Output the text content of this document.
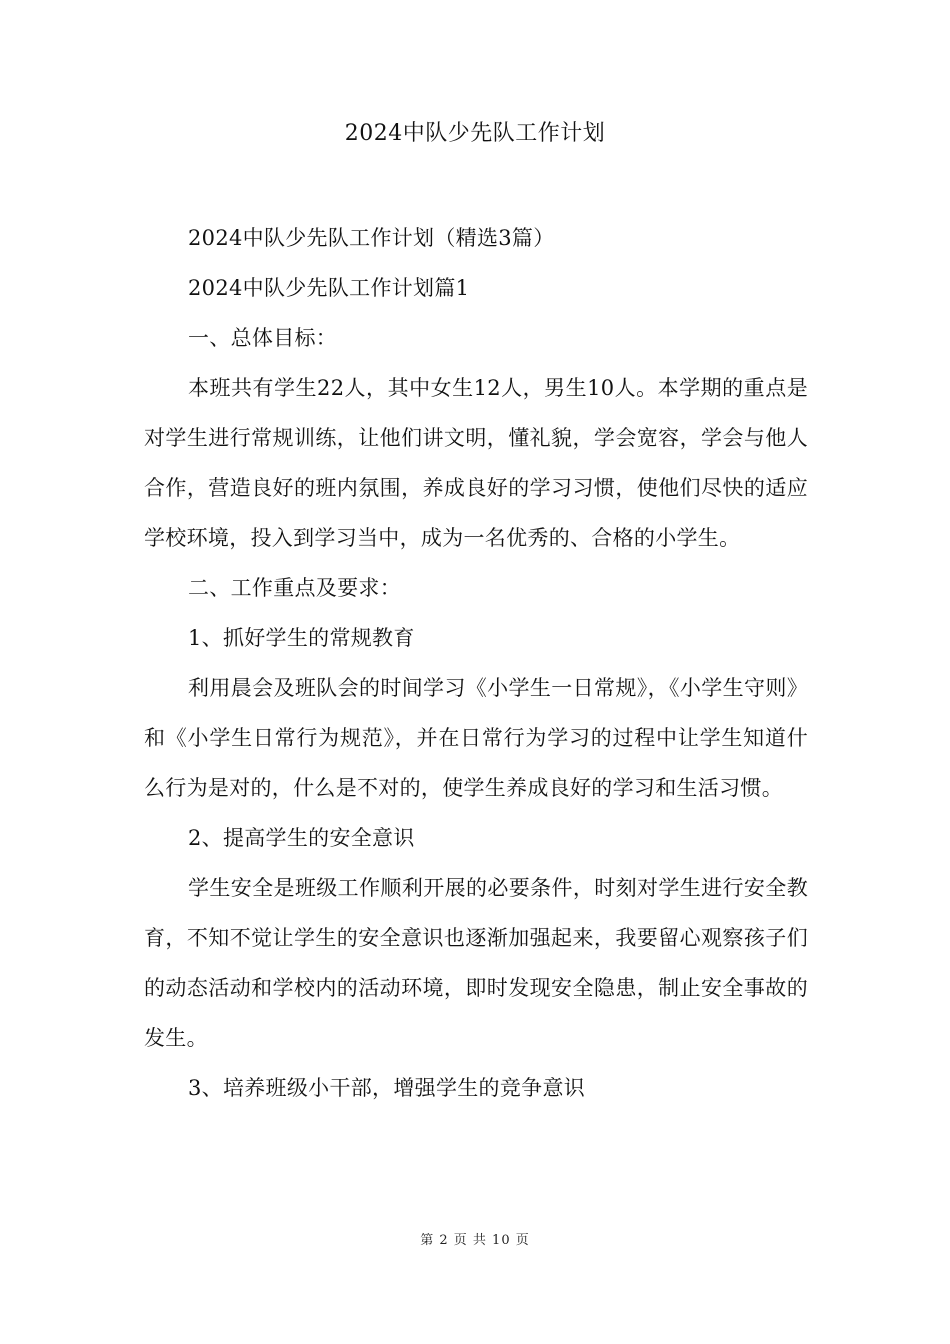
2024中队少先队工作计划

2024中队少先队工作计划（精选3篇）

2024中队少先队工作计划篇1

一、总体目标：

本班共有学生22人，其中女生12人，男生10人。本学期的重点是对学生进行常规训练，让他们讲文明，懂礼貌，学会宽容，学会与他人合作，营造良好的班内氛围，养成良好的学习习惯，使他们尽快的适应学校环境，投入到学习当中，成为一名优秀的、合格的小学生。

二、工作重点及要求：

1、抓好学生的常规教育

利用晨会及班队会的时间学习《小学生一日常规》，《小学生守则》和《小学生日常行为规范》，并在日常行为学习的过程中让学生知道什么行为是对的，什么是不对的，使学生养成良好的学习和生活习惯。

2、提高学生的安全意识

学生安全是班级工作顺利开展的必要条件，时刻对学生进行安全教育，不知不觉让学生的安全意识也逐渐加强起来，我要留心观察孩子们的动态活动和学校内的活动环境，即时发现安全隐患，制止安全事故的发生。

3、培养班级小干部，增强学生的竞争意识

第 2 页 共 10 页
